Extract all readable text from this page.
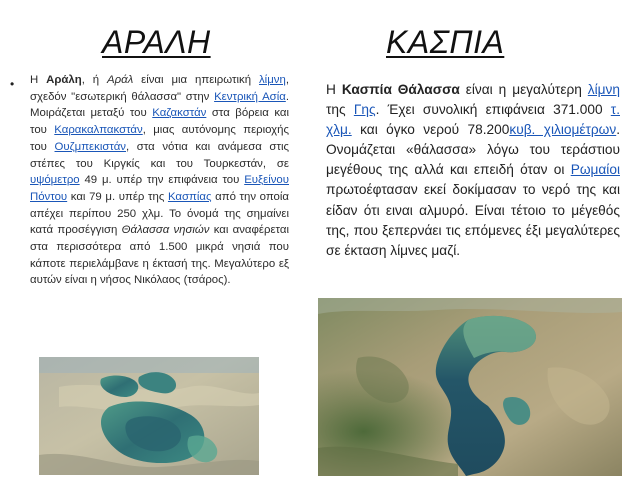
ΑΡΑΛΗ	ΚΑΣΠΙΑ
• Η Αράλη, ή Αράλ είναι μια ηπειρωτική λίμνη, σχεδόν "εσωτερική θάλασσα" στην Κεντρική Ασία. Μοιράζεται μεταξύ του Καζακστάν στα βόρεια και του Καρακαλπακστάν, μιας αυτόνομης περιοχής του Ουζμπεκιστάν, στα νότια και ανάμεσα στις στέπες του Κιργκίς και του Τουρκεστάν, σε υψόμετρο 49 μ. υπέρ την επιφάνεια του Ευξείνου Πόντου και 79 μ. υπέρ της Κασπίας από την οποία απέχει περίπου 250 χλμ. Το όνομά της σημαίνει κατά προσέγγιση Θάλασσα νησιών και αναφέρεται στα περισσότερα από 1.500 μικρά νησιά που κάποτε περιελάμβανε η έκτασή της. Μεγαλύτερο εξ αυτών είναι η νήσος Νικόλαος (τσάρος).

Η Κασπία Θάλασσα είναι η μεγαλύτερη λίμνη της Γης. Έχει συνολική επιφάνεια 371.000 τ. χλμ. και όγκο νερού 78.200κυβ. χιλιομέτρων. Ονομάζεται «θάλασσα» λόγω του τεράστιου μεγέθους της αλλά και επειδή όταν οι Ρωμαίοι πρωτοέφτασαν εκεί δοκίμασαν το νερό της και είδαν ότι ειναι αλμυρό. Είναι τέτοιο το μέγεθός της, που ξεπερνάει τις επόμενες έξι μεγαλύτερες σε έκταση λίμνες μαζί.
